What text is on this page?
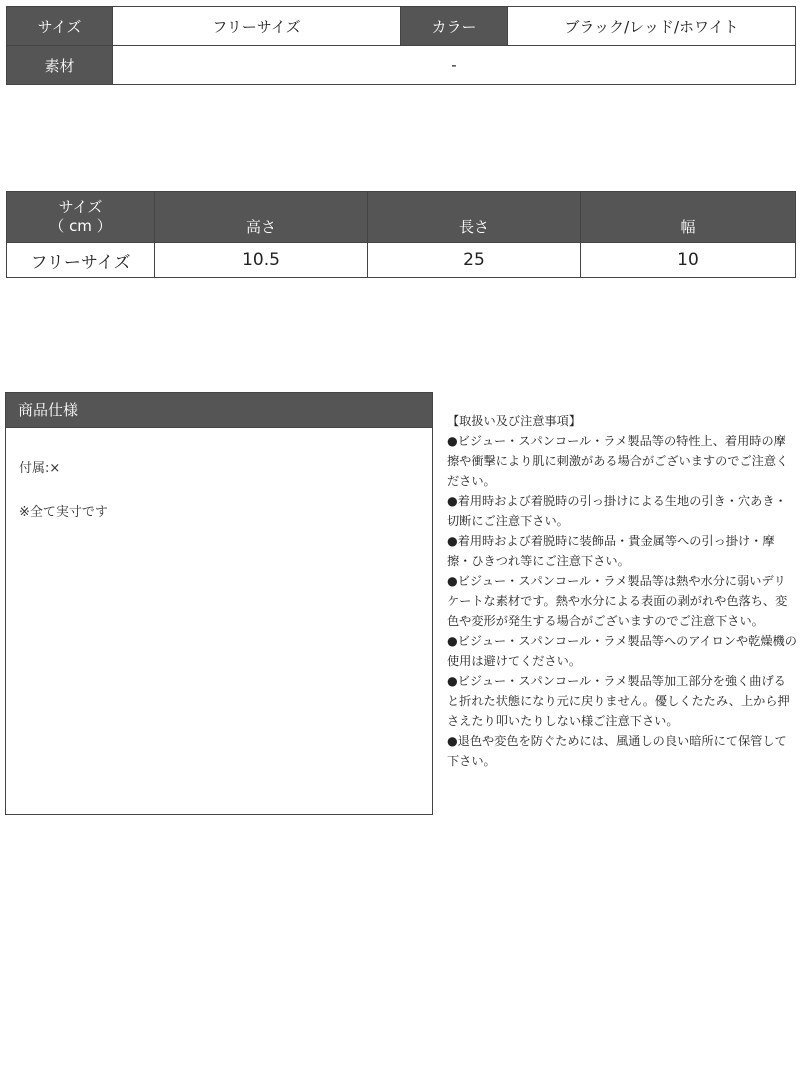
サイズ	フリーサイズ	カラー	ブラック/レッド/ホワイト
素材	-		
サイズ
（ cm ）	高さ	長さ	幅
フリーサイズ	10.5	25	10
商品仕様
付属:×
※全て実寸です

【取扱い及び注意事項】

●ビジュー・スパンコール・ラメ製品等の特性上、着用時の摩擦や衝撃により肌に刺激がある場合がございますのでご注意ください。

●着用時および着脱時の引っ掛けによる生地の引き・穴あき・切断にご注意下さい。

●着用時および着脱時に装飾品・貴金属等への引っ掛け・摩擦・ひきつれ等にご注意下さい。

●ビジュー・スパンコール・ラメ製品等は熱や水分に弱いデリケートな素材です。熱や水分による表面の剥がれや色落ち、変色や変形が発生する場合がございますのでご注意下さい。

●ビジュー・スパンコール・ラメ製品等へのアイロンや乾燥機の使用は避けてください。

●ビジュー・スパンコール・ラメ製品等加工部分を強く曲げると折れた状態になり元に戻りません。優しくたたみ、上から押さえたり叩いたりしない様ご注意下さい。

●退色や変色を防ぐためには、風通しの良い暗所にて保管して下さい。
